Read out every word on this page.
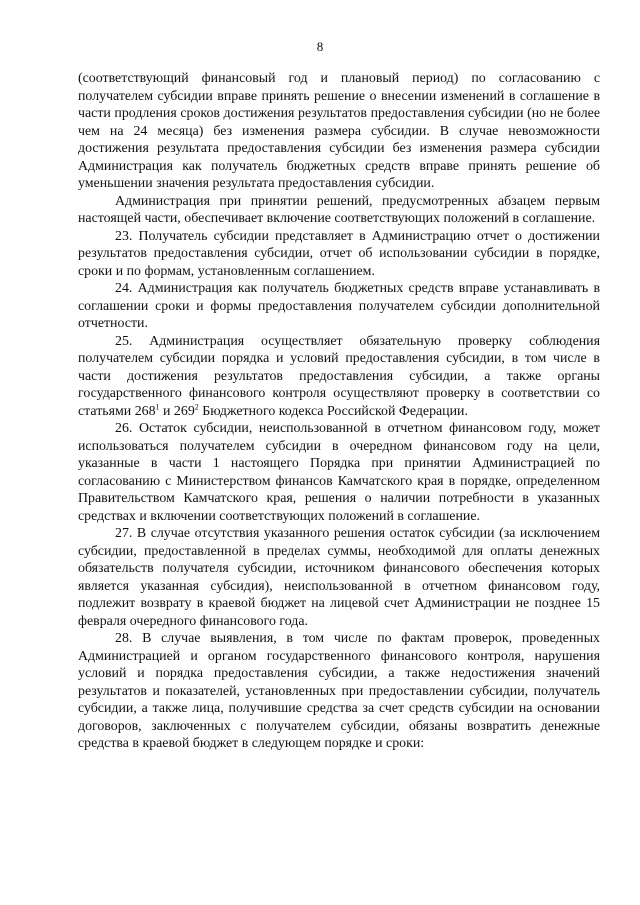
8

(соответствующий финансовый год и плановый период) по согласованию с получателем субсидии вправе принять решение о внесении изменений в соглашение в части продления сроков достижения результатов предоставления субсидии (но не более чем на 24 месяца) без изменения размера субсидии. В случае невозможности достижения результата предоставления субсидии без изменения размера субсидии Администрация как получатель бюджетных средств вправе принять решение об уменьшении значения результата предоставления субсидии.

Администрация при принятии решений, предусмотренных абзацем первым настоящей части, обеспечивает включение соответствующих положений в соглашение.

23. Получатель субсидии представляет в Администрацию отчет о достижении результатов предоставления субсидии, отчет об использовании субсидии в порядке, сроки и по формам, установленным соглашением.

24. Администрация как получатель бюджетных средств вправе устанавливать в соглашении сроки и формы предоставления получателем субсидии дополнительной отчетности.

25. Администрация осуществляет обязательную проверку соблюдения получателем субсидии порядка и условий предоставления субсидии, в том числе в части достижения результатов предоставления субсидии, а также органы государственного финансового контроля осуществляют проверку в соответствии со статьями $268^1$ и $269^2$ Бюджетного кодекса Российской Федерации.

26. Остаток субсидии, неиспользованной в отчетном финансовом году, может использоваться получателем субсидии в очередном финансовом году на цели, указанные в части 1 настоящего Порядка при принятии Администрацией по согласованию с Министерством финансов Камчатского края в порядке, определенном Правительством Камчатского края, решения о наличии потребности в указанных средствах и включении соответствующих положений в соглашение.

27. В случае отсутствия указанного решения остаток субсидии (за исключением субсидии, предоставленной в пределах суммы, необходимой для оплаты денежных обязательств получателя субсидии, источником финансового обеспечения которых является указанная субсидия), неиспользованной в отчетном финансовом году, подлежит возврату в краевой бюджет на лицевой счет Администрации не позднее 15 февраля очередного финансового года.

28. В случае выявления, в том числе по фактам проверок, проведенных Администрацией и органом государственного финансового контроля, нарушения условий и порядка предоставления субсидии, а также недостижения значений результатов и показателей, установленных при предоставлении субсидии, получатель субсидии, а также лица, получившие средства за счет средств субсидии на основании договоров, заключенных с получателем субсидии, обязаны возвратить денежные средства в краевой бюджет в следующем порядке и сроки:
